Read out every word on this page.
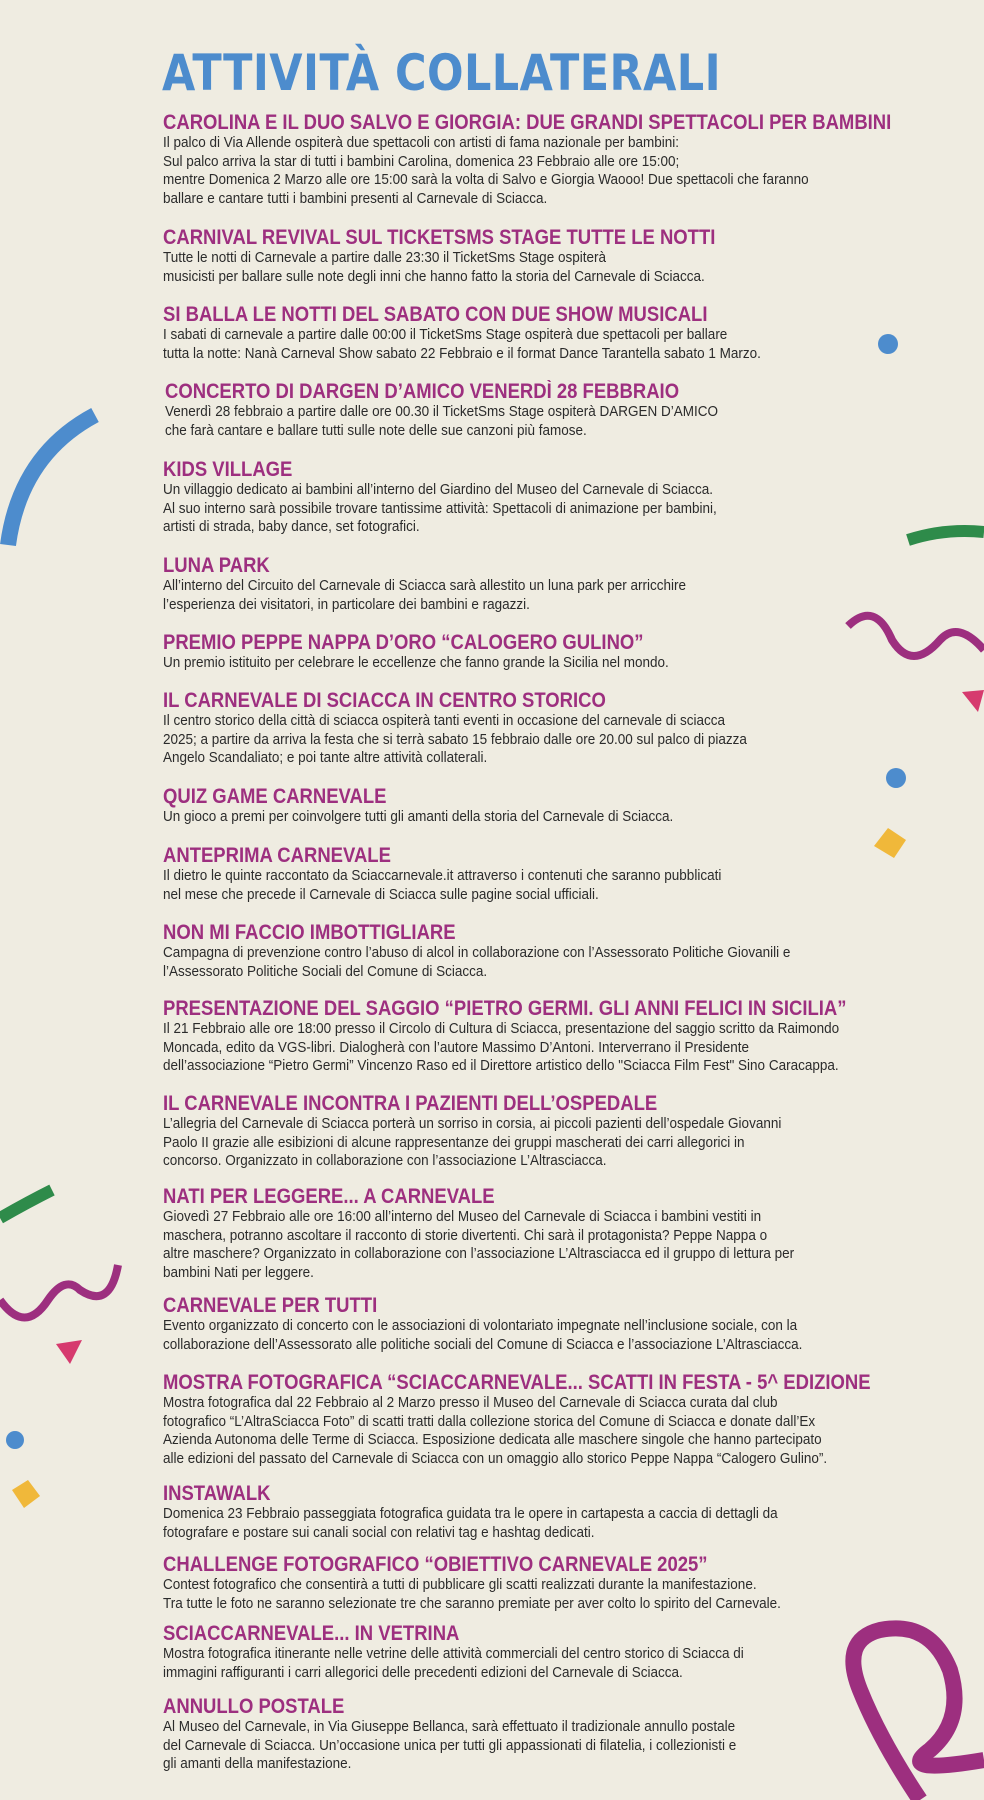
ATTIVITÀ COLLATERALI
CAROLINA E IL DUO SALVO E GIORGIA: DUE GRANDI SPETTACOLI PER BAMBINI

Il palco di Via Allende ospiterà due spettacoli con artisti di fama nazionale per bambini:
Sul palco arriva la star di tutti i bambini Carolina, domenica 23 Febbraio alle ore 15:00;
mentre Domenica 2 Marzo alle ore 15:00 sarà la volta di Salvo e Giorgia Waooo! Due spettacoli che faranno
ballare e cantare tutti i bambini presenti al Carnevale di Sciacca.

CARNIVAL REVIVAL SUL TICKETSMS STAGE TUTTE LE NOTTI

Tutte le notti di Carnevale a partire dalle 23:30 il TicketSms Stage ospiterà
musicisti per ballare sulle note degli inni che hanno fatto la storia del Carnevale di Sciacca.

SI BALLA LE NOTTI DEL SABATO CON DUE SHOW MUSICALI

I sabati di carnevale a partire dalle 00:00 il TicketSms Stage ospiterà due spettacoli per ballare
tutta la notte: Nanà Carneval Show sabato 22 Febbraio e il format Dance Tarantella sabato 1 Marzo.

CONCERTO DI DARGEN D’AMICO VENERDÌ 28 FEBBRAIO

Venerdì 28 febbraio a partire dalle ore 00.30 il TicketSms Stage ospiterà DARGEN D’AMICO
che farà cantare e ballare tutti sulle note delle sue canzoni più famose.

KIDS VILLAGE

Un villaggio dedicato ai bambini all’interno del Giardino del Museo del Carnevale di Sciacca.
Al suo interno sarà possibile trovare tantissime attività: Spettacoli di animazione per bambini,
artisti di strada, baby dance, set fotografici.

LUNA PARK

All’interno del Circuito del Carnevale di Sciacca sarà allestito un luna park per arricchire
l’esperienza dei visitatori, in particolare dei bambini e ragazzi.

PREMIO PEPPE NAPPA D’ORO “CALOGERO GULINO”

Un premio istituito per celebrare le eccellenze che fanno grande la Sicilia nel mondo.

IL CARNEVALE DI SCIACCA IN CENTRO STORICO

Il centro storico della città di sciacca ospiterà tanti eventi in occasione del carnevale di sciacca
2025; a partire da arriva la festa che si terrà sabato 15 febbraio dalle ore 20.00 sul palco di piazza
Angelo Scandaliato; e poi tante altre attività collaterali.

QUIZ GAME CARNEVALE

Un gioco a premi per coinvolgere tutti gli amanti della storia del Carnevale di Sciacca.

ANTEPRIMA CARNEVALE

Il dietro le quinte raccontato da Sciaccarnevale.it attraverso i contenuti che saranno pubblicati
nel mese che precede il Carnevale di Sciacca sulle pagine social ufficiali.

NON MI FACCIO IMBOTTIGLIARE

Campagna di prevenzione contro l’abuso di alcol in collaborazione con l’Assessorato Politiche Giovanili e
l’Assessorato Politiche Sociali del Comune di Sciacca.

PRESENTAZIONE DEL SAGGIO “PIETRO GERMI. GLI ANNI FELICI IN SICILIA”

Il 21 Febbraio alle ore 18:00 presso il Circolo di Cultura di Sciacca, presentazione del saggio scritto da Raimondo
Moncada, edito da VGS-libri. Dialogherà con l’autore Massimo D’Antoni. Interverrano il Presidente
dell’associazione “Pietro Germi” Vincenzo Raso ed il Direttore artistico dello "Sciacca Film Fest" Sino Caracappa.

IL CARNEVALE INCONTRA I PAZIENTI DELL’OSPEDALE

L’allegria del Carnevale di Sciacca porterà un sorriso in corsia, ai piccoli pazienti dell’ospedale Giovanni
Paolo II grazie alle esibizioni di alcune rappresentanze dei gruppi mascherati dei carri allegorici in
concorso. Organizzato in collaborazione con l’associazione L’Altrasciacca.

NATI PER LEGGERE... A CARNEVALE

Giovedì 27 Febbraio alle ore 16:00 all’interno del Museo del Carnevale di Sciacca i bambini vestiti in
maschera, potranno ascoltare il racconto di storie divertenti. Chi sarà il protagonista? Peppe Nappa o
altre maschere? Organizzato in collaborazione con l’associazione L’Altrasciacca ed il gruppo di lettura per
bambini Nati per leggere.

CARNEVALE PER TUTTI

Evento organizzato di concerto con le associazioni di volontariato impegnate nell’inclusione sociale, con la
collaborazione dell’Assessorato alle politiche sociali del Comune di Sciacca e l’associazione L’Altrasciacca.

MOSTRA FOTOGRAFICA “SCIACCARNEVALE... SCATTI IN FESTA - 5^ EDIZIONE

Mostra fotografica dal 22 Febbraio al 2 Marzo presso il Museo del Carnevale di Sciacca curata dal club
fotografico “L’AltraSciacca Foto” di scatti tratti dalla collezione storica del Comune di Sciacca e donate dall’Ex
Azienda Autonoma delle Terme di Sciacca. Esposizione dedicata alle maschere singole che hanno partecipato
alle edizioni del passato del Carnevale di Sciacca con un omaggio allo storico Peppe Nappa “Calogero Gulino”.

INSTAWALK

Domenica 23 Febbraio passeggiata fotografica guidata tra le opere in cartapesta a caccia di dettagli da
fotografare e postare sui canali social con relativi tag e hashtag dedicati.

CHALLENGE FOTOGRAFICO “OBIETTIVO CARNEVALE 2025”

Contest fotografico che consentirà a tutti di pubblicare gli scatti realizzati durante la manifestazione.
Tra tutte le foto ne saranno selezionate tre che saranno premiate per aver colto lo spirito del Carnevale.

SCIACCARNEVALE... IN VETRINA

Mostra fotografica itinerante nelle vetrine delle attività commerciali del centro storico di Sciacca di
immagini raffiguranti i carri allegorici delle precedenti edizioni del Carnevale di Sciacca.

ANNULLO POSTALE

Al Museo del Carnevale, in Via Giuseppe Bellanca, sarà effettuato il tradizionale annullo postale
del Carnevale di Sciacca. Un’occasione unica per tutti gli appassionati di filatelia, i collezionisti e
gli amanti della manifestazione.
